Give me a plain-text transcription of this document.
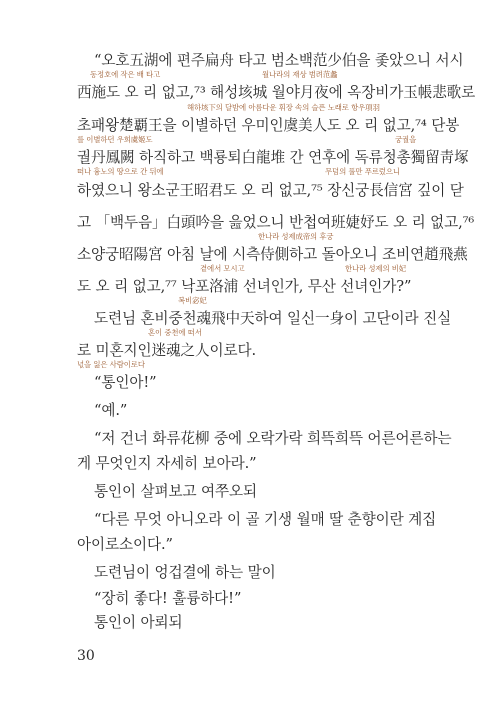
“오호五湖에 편주扁舟 타고 범소백范少伯을 좇았으니 서시
동정호에 작은 배 타고	월나라의 재상 범려范蠡
西施도 오 리 없고,⁷³ 해성垓城 월야月夜에 옥장비가玉帳悲歌로
해하垓下의 달밤에 아름다운 휘장 속의 슬픈 노래로 항우項羽
초패왕楚覇王을 이별하던 우미인虞美人도 오 리 없고,⁷⁴ 단봉
를 이별하던 우희虞姬도	궁궐을
궐丹鳳闕 하직하고 백룡퇴白龍堆 간 연후에 독류청총獨留靑塚
떠나 흉노의 땅으로 간 뒤에	무덤의 풀만 푸르렀으니
하였으니 왕소군王昭君도 오 리 없고,⁷⁵ 장신궁長信宮 깊이 닫
고 「백두음」白頭吟을 읊었으니 반첩여班婕妤도 오 리 없고,⁷⁶
한나라 성제成帝의 후궁
소양궁昭陽宮 아침 날에 시측侍側하고 돌아오니 조비연趙飛燕
곁에서 모시고	한나라 성제의 비妃
도 오 리 없고,⁷⁷ 낙포洛浦 선녀인가, 무산 선녀인가?”
복비宓妃
도련님 혼비중천魂飛中天하여 일신一身이 고단이라 진실
혼이 중천에 떠서
로 미혼지인迷魂之人이로다.
넋을 잃은 사람이로다
“통인아!”
“예.”
“저 건너 화류花柳 중에 오락가락 희뜩희뜩 어른어른하는
게 무엇인지 자세히 보아라.”
통인이 살펴보고 여쭈오되
“다른 무엇 아니오라 이 골 기생 월매 딸 춘향이란 계집
아이로소이다.”
도련님이 엉겁결에 하는 말이
30
“장히 좋다! 훌륭하다!”
통인이 아뢰되
